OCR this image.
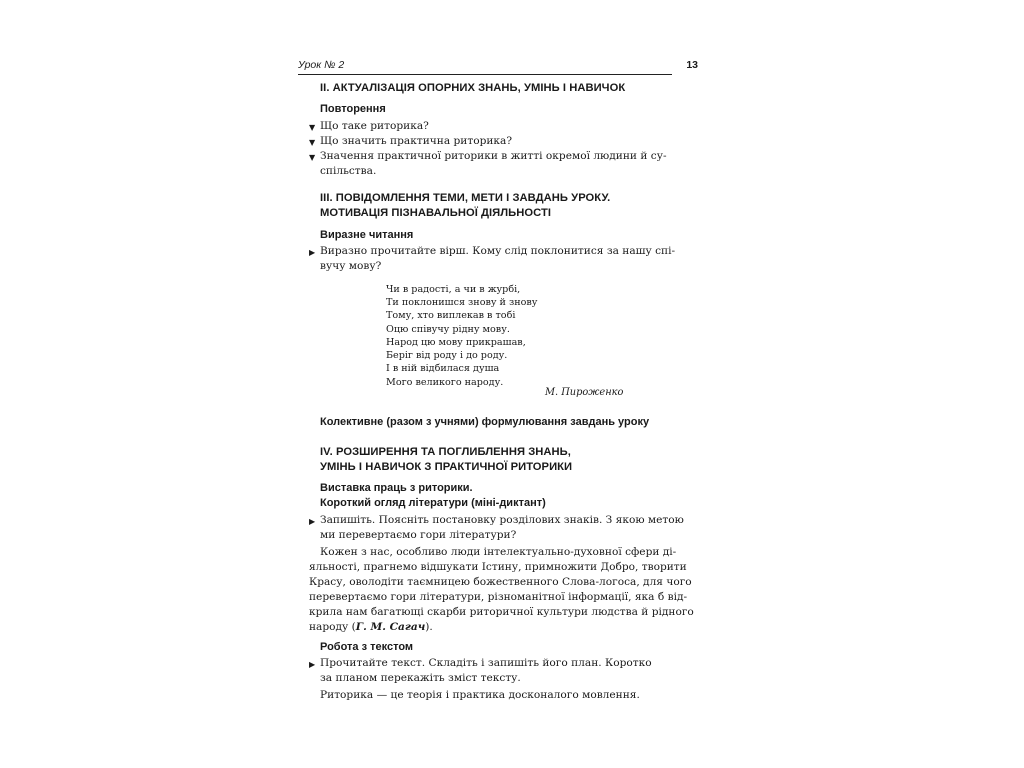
Урок № 2	13
II. АКТУАЛІЗАЦІЯ ОПОРНИХ ЗНАНЬ, УМІНЬ І НАВИЧОК
Повторення
▼ Що таке риторика?
▼ Що значить практична риторика?
▼ Значення практичної риторики в житті окремої людини й су-
спільства.
III. ПОВІДОМЛЕННЯ ТЕМИ, МЕТИ І ЗАВДАНЬ УРОКУ.
МОТИВАЦІЯ ПІЗНАВАЛЬНОЇ ДІЯЛЬНОСТІ
Виразне читання
▶ Виразно прочитайте вірш. Кому слід поклонитися за нашу спі-
вучу мову?
Чи в радості, а чи в журбі,
Ти поклонишся знову й знову
Тому, хто виплекав в тобі
Оцю співучу рідну мову.
Народ цю мову прикрашав,
Беріг від роду і до роду.
І в ній відбилася душа
Мого великого народу.
М. Пироженко
Колективне (разом з учнями) формулювання завдань уроку
IV. РОЗШИРЕННЯ ТА ПОГЛИБЛЕННЯ ЗНАНЬ,
УМІНЬ І НАВИЧОК З ПРАКТИЧНОЇ РИТОРИКИ
Виставка праць з риторики.
Короткий огляд літератури (міні-диктант)
▶ Запишіть. Поясніть постановку розділових знаків. З якою метою
ми перевертаємо гори літератури?
Кожен з нас, особливо люди інтелектуально-духовної сфери ді-
яльності, прагнемо відшукати Істину, примножити Добро, творити
Красу, оволодіти таємницею божественного Слова-логоса, для чого
перевертаємо гори літератури, різноманітної інформації, яка б від-
крила нам багатющі скарби риторичної культури людства й рідного
народу (Г. М. Сагач).
Робота з текстом
▶ Прочитайте текст. Складіть і запишіть його план. Коротко
за планом перекажіть зміст тексту.
Риторика — це теорія і практика досконалого мовлення.
